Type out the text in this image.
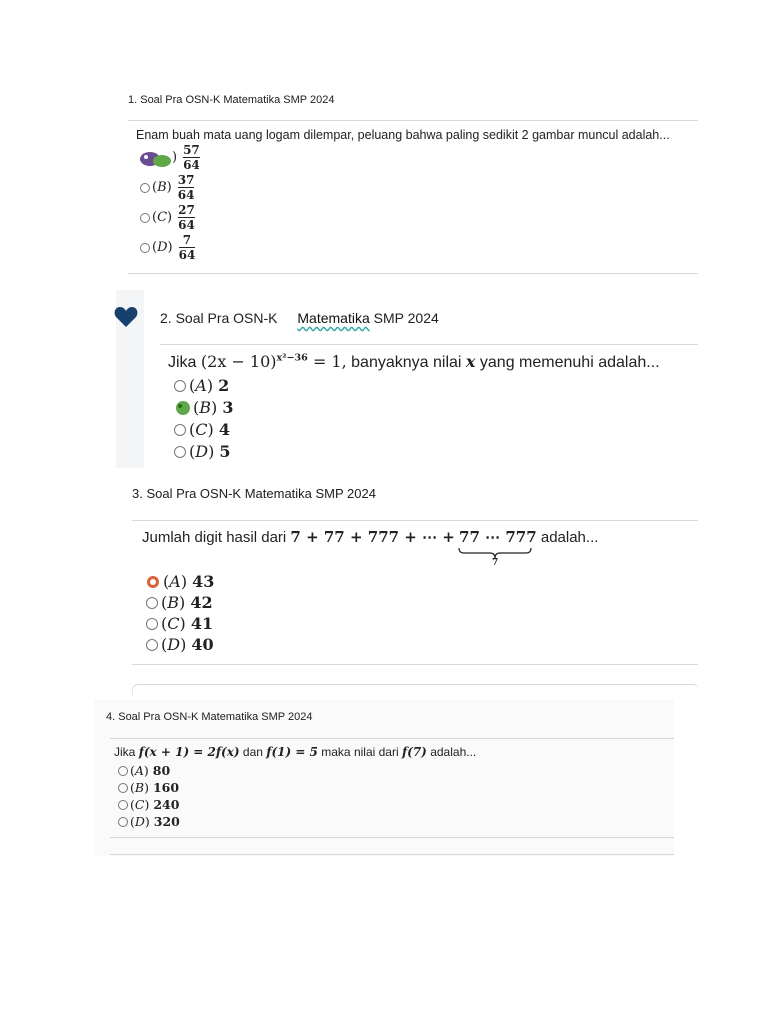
1. Soal Pra OSN-K Matematika SMP 2024
Enam buah mata uang logam dilempar, peluang bahwa paling sedikit 2 gambar muncul adalah...
) $\frac{57}{64}$
$(B) \frac{37}{64}$
$(C) \frac{27}{64}$
$(D) \frac{7}{64}$
2. Soal Pra OSN-K Matematika SMP 2024
Jika $(2x - 10)^{x^2-36} = 1$, banyaknya nilai x yang memenuhi adalah...
(A) 2
(B) 3
(C) 4
(D) 5
3. Soal Pra OSN-K Matematika SMP 2024
Jumlah digit hasil dari 7 + 77 + 777 + ⋯ + 77 ⋯ 777 adalah...
7
(A) 43
(B) 42
(C) 41
(D) 40
4. Soal Pra OSN-K Matematika SMP 2024
Jika f(x + 1) = 2f(x) dan f(1) = 5 maka nilai dari f(7) adalah...
(A) 80
(B) 160
(C) 240
(D) 320
